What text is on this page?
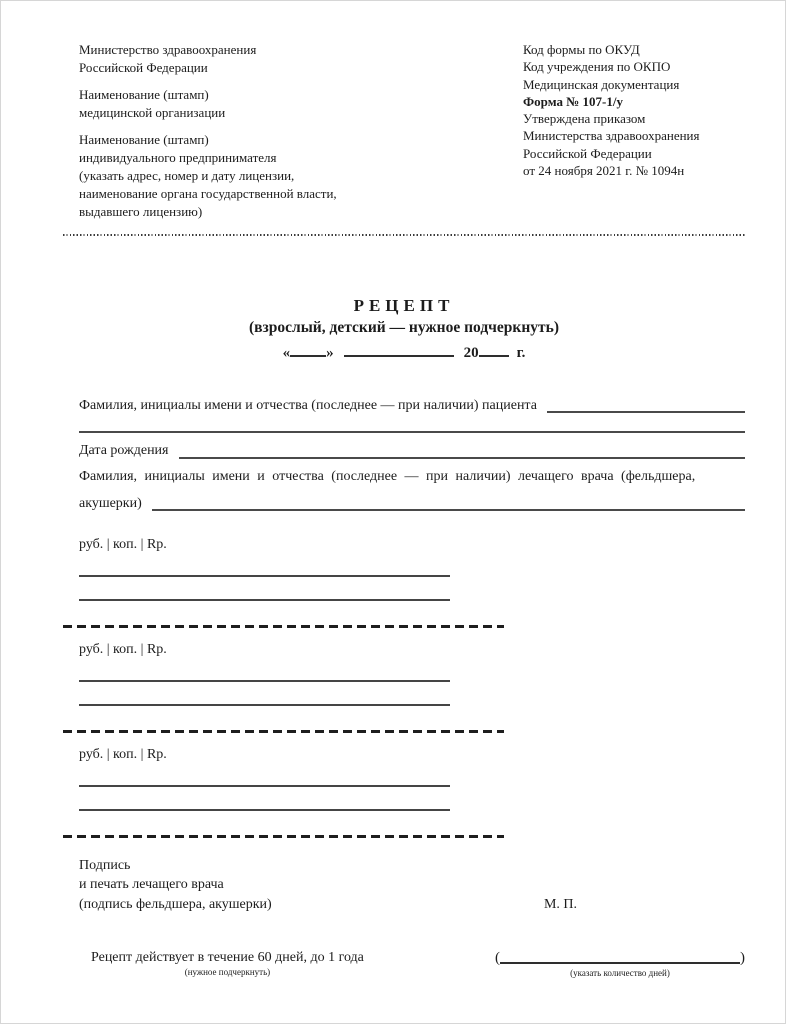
Министерство здравоохранения
Российской Федерации
Наименование (штамп)
медицинской организации
Наименование (штамп)
индивидуального предпринимателя
(указать адрес, номер и дату лицензии,
наименование органа государственной власти,
выдавшего лицензию)
Код формы по ОКУД
Код учреждения по ОКПО
Медицинская документация
Форма № 107-1/у
Утверждена приказом
Министерства здравоохранения
Российской Федерации
от 24 ноября 2021 г. № 1094н
РЕЦЕПТ
(взрослый, детский — нужное подчеркнуть)
« »	20	г.
Фамилия, инициалы имени и отчества (последнее — при наличии) пациента
Дата рождения
Фамилия, инициалы имени и отчества (последнее — при наличии) лечащего врача (фельдшера,
акушерки)
руб. | коп. | Rp.
руб. | коп. | Rp.
руб. | коп. | Rp.
Подпись
и печать лечащего врача
(подпись фельдшера, акушерки)	М. П.
Рецепт действует в течение 60 дней, до 1 года
(нужное подчеркнуть)
(	)
(указать количество дней)
